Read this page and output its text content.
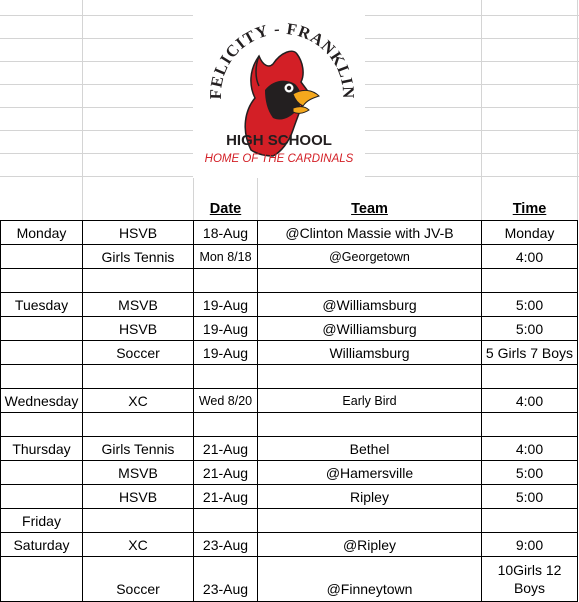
FELICITY - FRANKLIN
HIGH SCHOOL
HOME OF THE CARDINALS
		Date	Team	Time
Monday	HSVB	18-Aug	@Clinton Massie with JV-B	Monday
	Girls Tennis	Mon 8/18	@Georgetown	4:00

Tuesday	MSVB	19-Aug	@Williamsburg	5:00
	HSVB	19-Aug	@Williamsburg	5:00
	Soccer	19-Aug	Williamsburg	5 Girls 7 Boys

Wednesday	XC	Wed 8/20	Early Bird	4:00

Thursday	Girls Tennis	21-Aug	Bethel	4:00
	MSVB	21-Aug	@Hamersville	5:00
	HSVB	21-Aug	Ripley	5:00
Friday				
Saturday	XC	23-Aug	@Ripley	9:00
	Soccer	23-Aug	@Finneytown	10Girls 12 Boys
